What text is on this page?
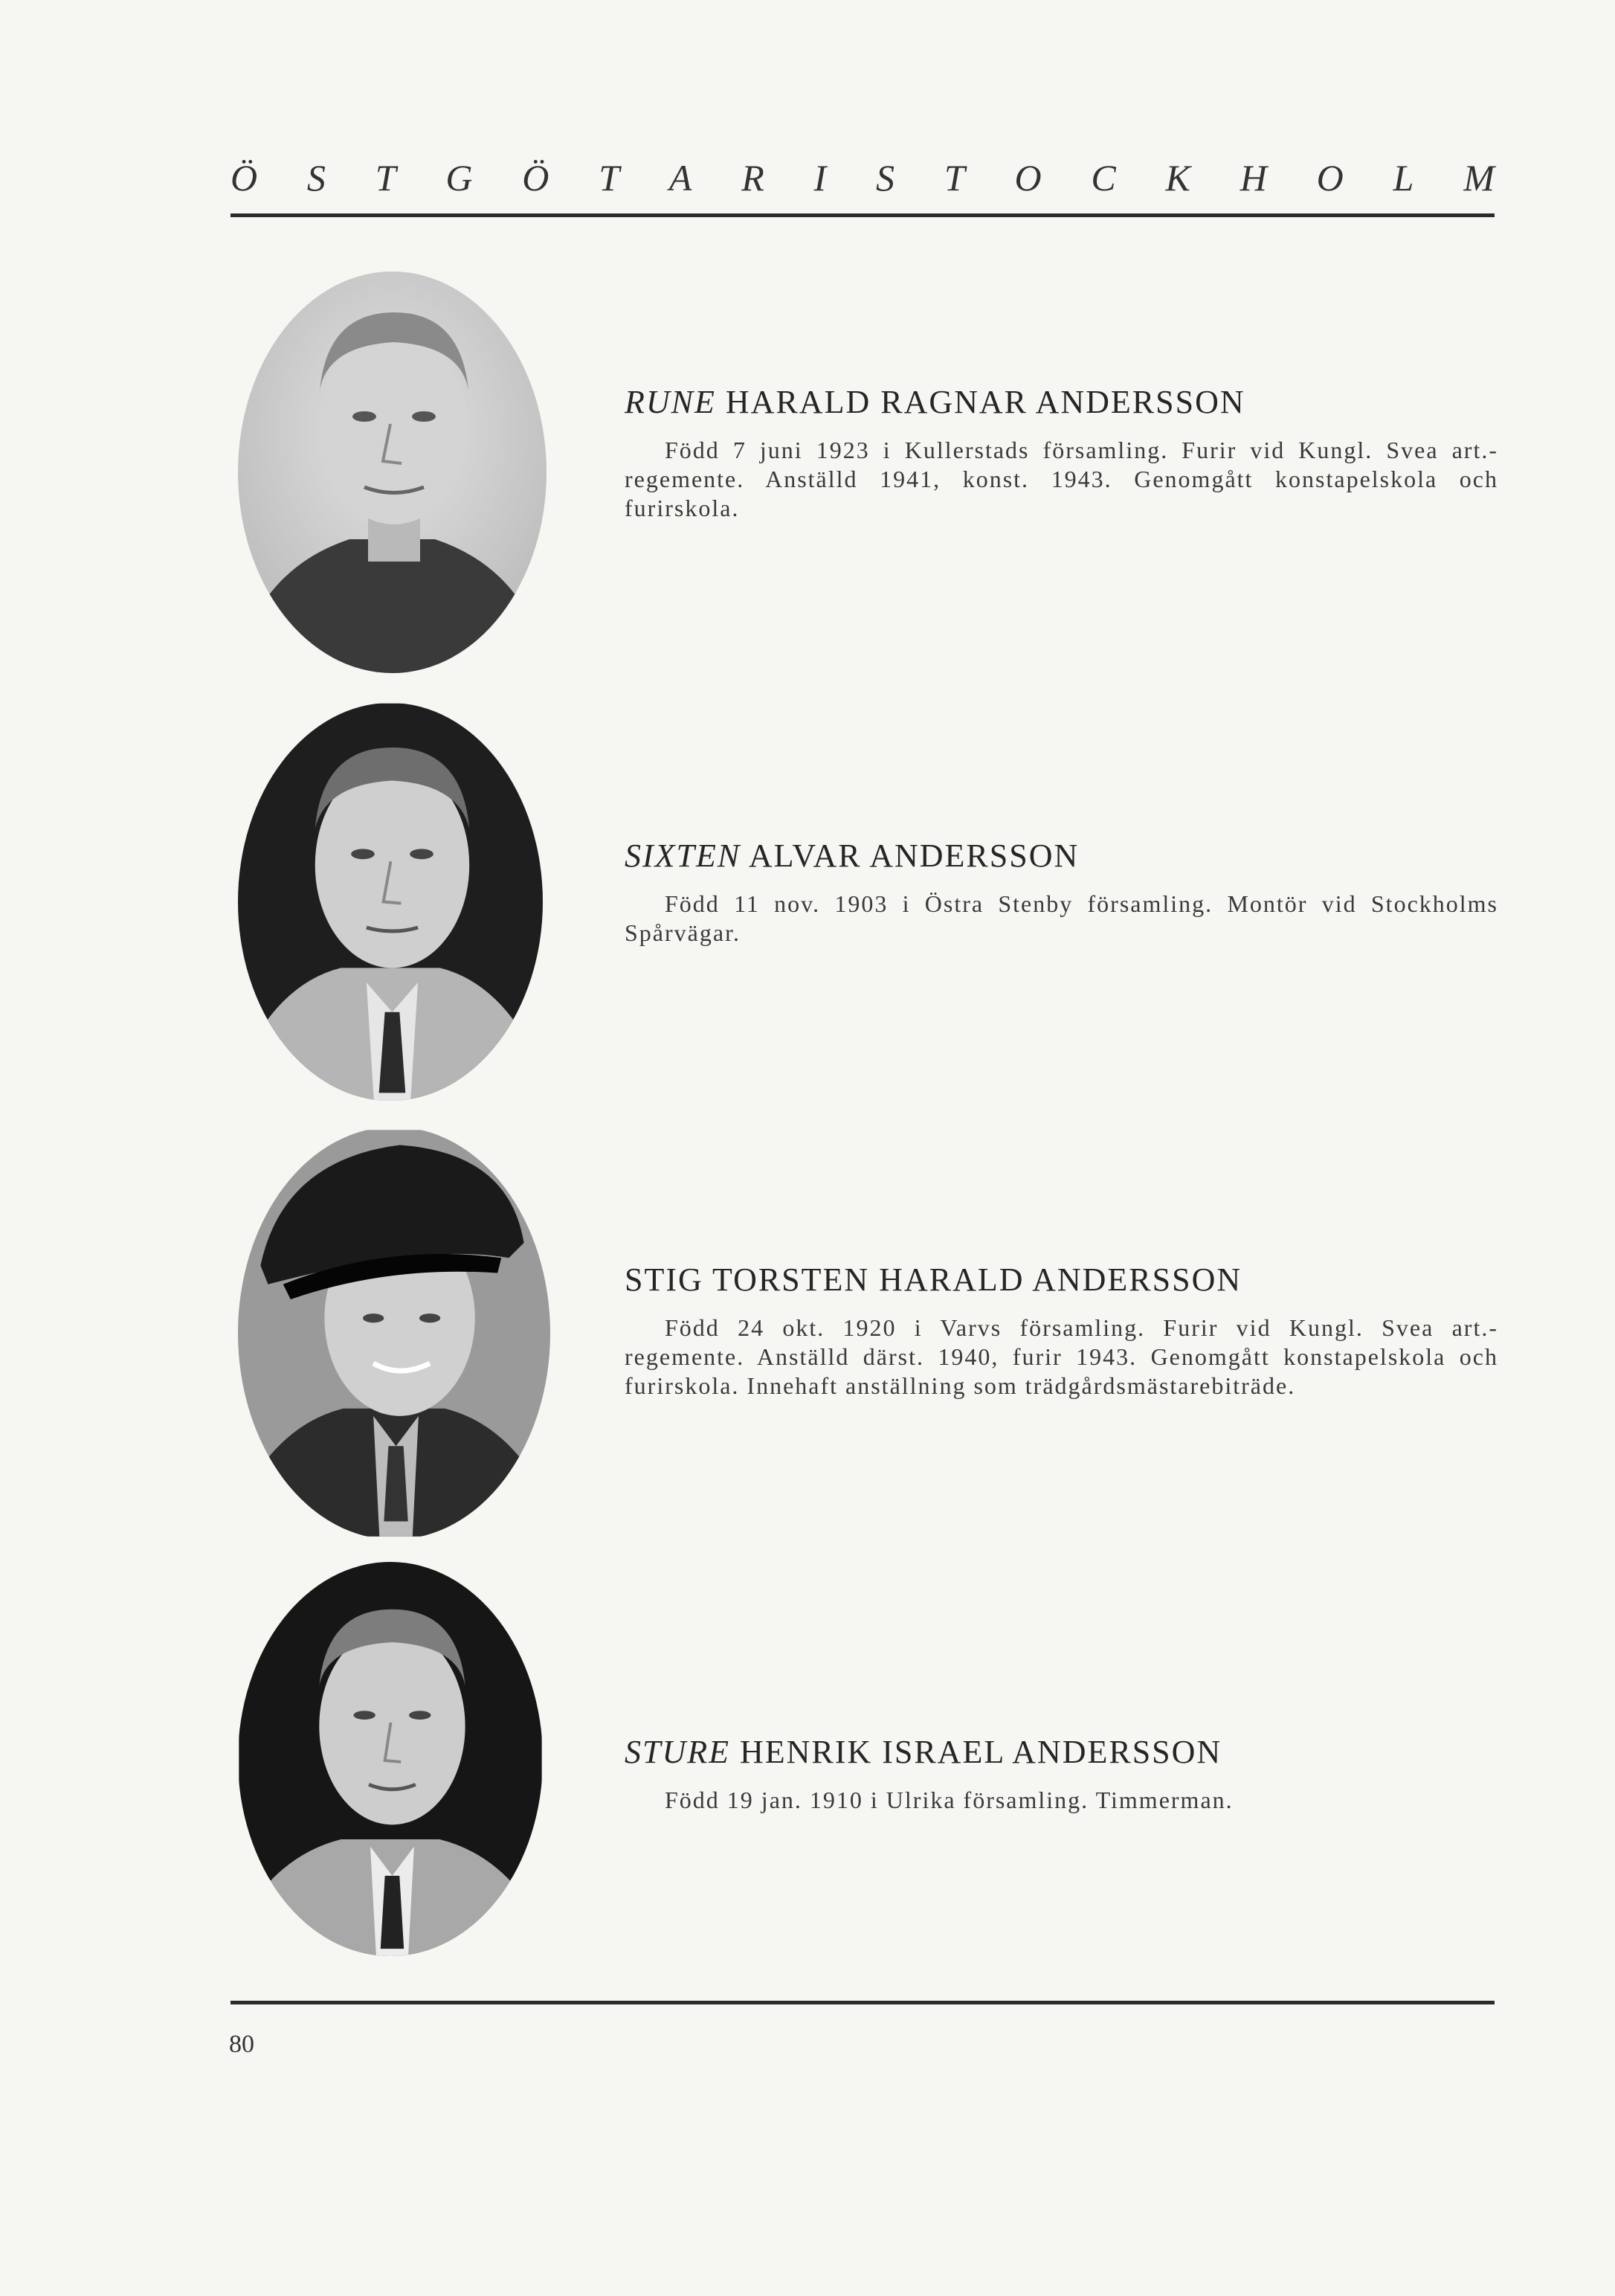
Ö S T G Ö T A R I S T O C K H O L M

RUNE HARALD RAGNAR ANDERSSON

Född 7 juni 1923 i Kullerstads församling. Furir vid Kungl. Svea art.-regemente. Anställd 1941, konst. 1943. Genomgått konstapelskola och furirskola.

SIXTEN ALVAR ANDERSSON

Född 11 nov. 1903 i Östra Stenby församling. Montör vid Stockholms Spårvägar.

STIG TORSTEN HARALD ANDERSSON

Född 24 okt. 1920 i Varvs församling. Furir vid Kungl. Svea art.-regemente. Anställd därst. 1940, furir 1943. Genomgått konstapelskola och furirskola. Innehaft anställning som trädgårdsmästarebiträde.

STURE HENRIK ISRAEL ANDERSSON

Född 19 jan. 1910 i Ulrika församling. Timmerman.

80
